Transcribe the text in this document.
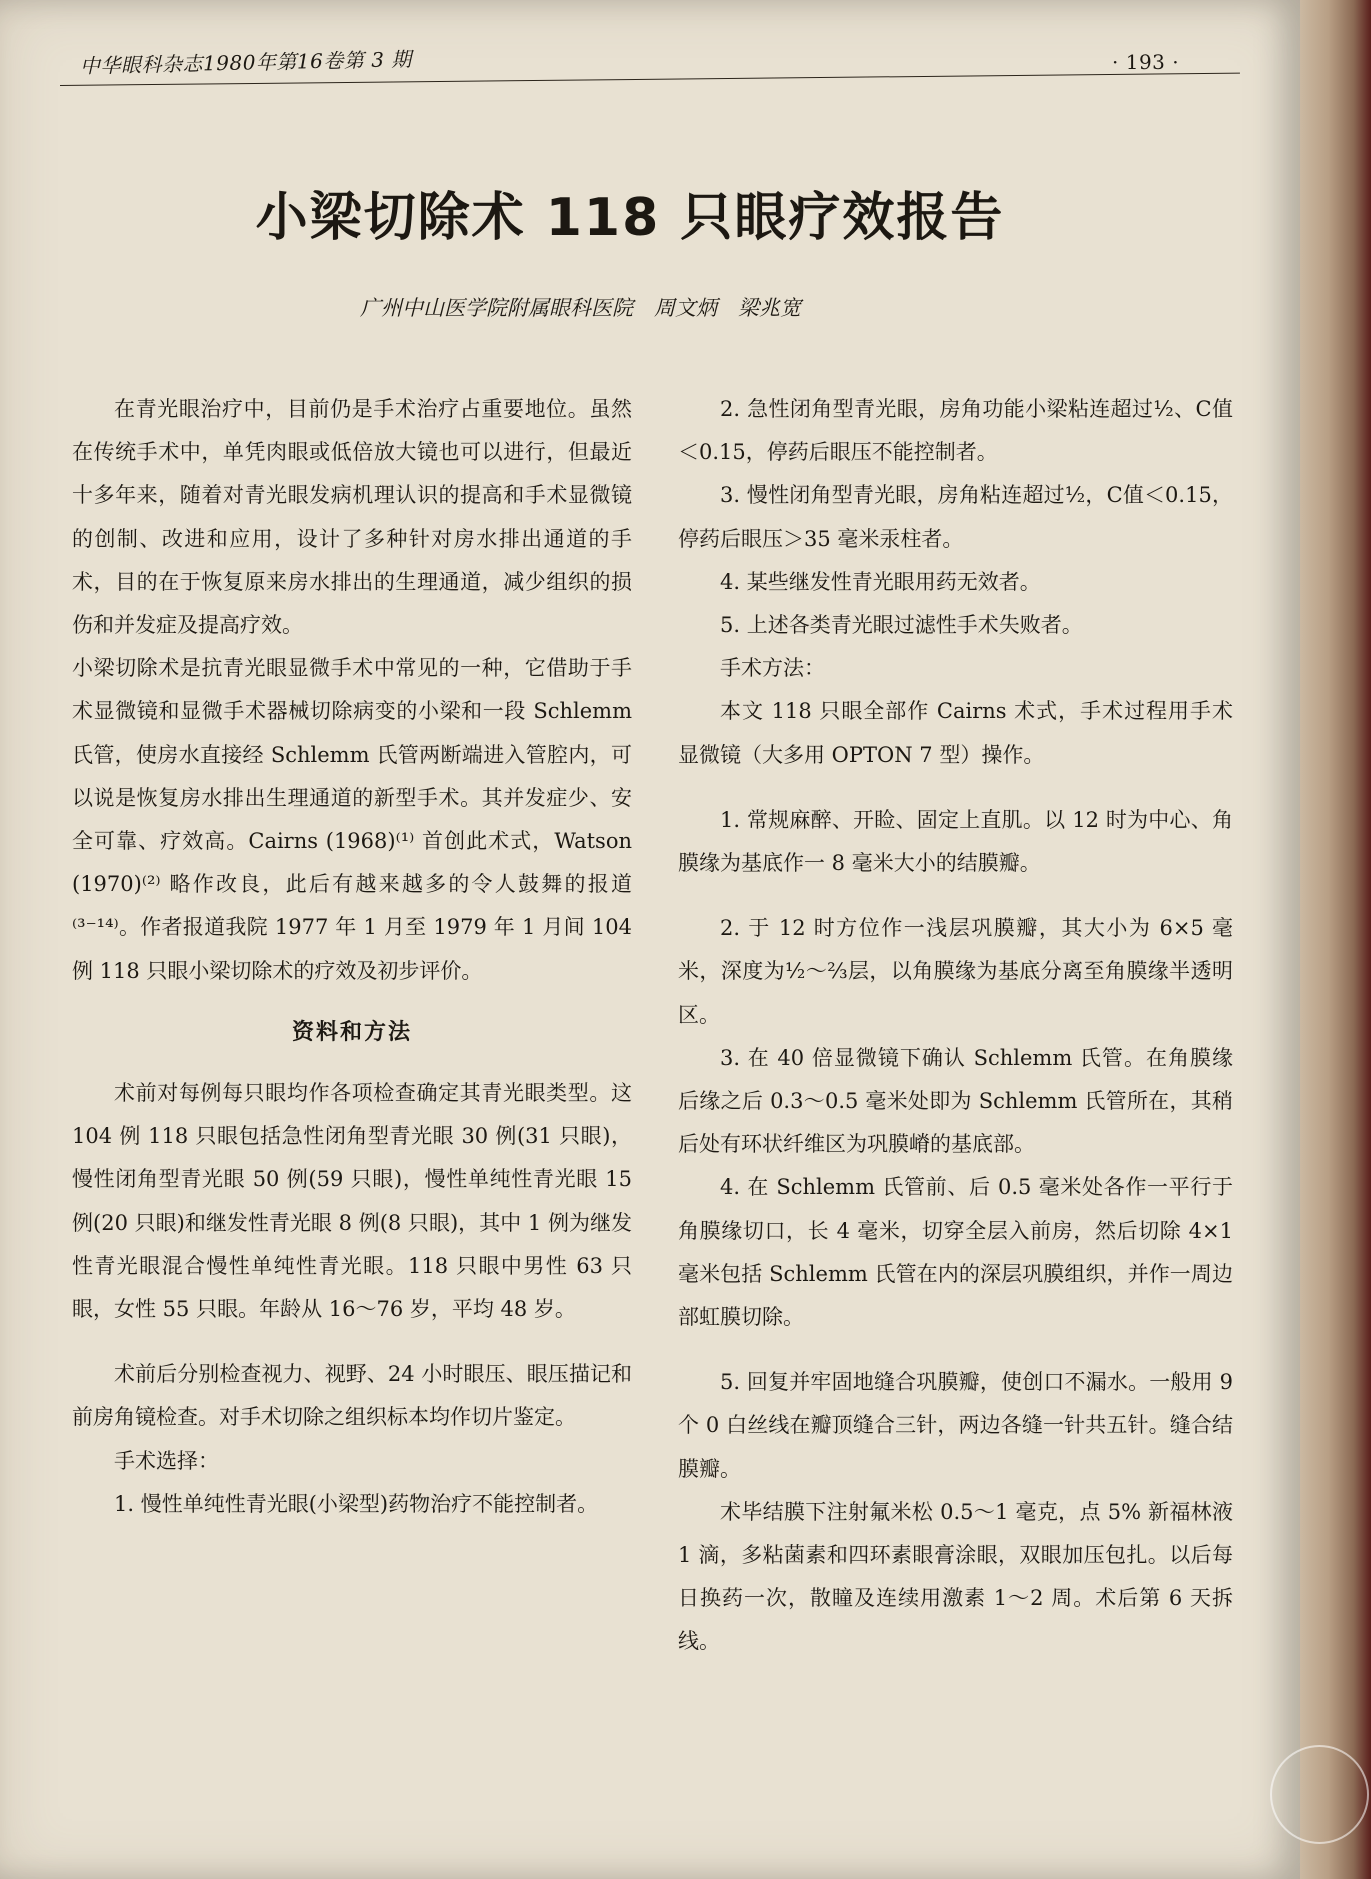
中华眼科杂志1980年第16卷第 3 期	· 193 ·
小梁切除术 118 只眼疗效报告
广州中山医学院附属眼科医院　周文炳　梁兆宽

在青光眼治疗中，目前仍是手术治疗占重要地位。虽然在传统手术中，单凭肉眼或低倍放大镜也可以进行，但最近十多年来，随着对青光眼发病机理认识的提高和手术显微镜的创制、改进和应用，设计了多种针对房水排出通道的手术，目的在于恢复原来房水排出的生理通道，减少组织的损伤和并发症及提高疗效。

小梁切除术是抗青光眼显微手术中常见的一种，它借助于手术显微镜和显微手术器械切除病变的小梁和一段 Schlemm 氏管，使房水直接经 Schlemm 氏管两断端进入管腔内，可以说是恢复房水排出生理通道的新型手术。其并发症少、安全可靠、疗效高。Cairns (1968)⁽¹⁾ 首创此术式，Watson (1970)⁽²⁾ 略作改良，此后有越来越多的令人鼓舞的报道⁽³⁻¹⁴⁾。作者报道我院 1977 年 1 月至 1979 年 1 月间 104 例 118 只眼小梁切除术的疗效及初步评价。

资料和方法

术前对每例每只眼均作各项检查确定其青光眼类型。这 104 例 118 只眼包括急性闭角型青光眼 30 例(31 只眼)，慢性闭角型青光眼 50 例(59 只眼)，慢性单纯性青光眼 15 例(20 只眼)和继发性青光眼 8 例(8 只眼)，其中 1 例为继发性青光眼混合慢性单纯性青光眼。118 只眼中男性 63 只眼，女性 55 只眼。年龄从 16～76 岁，平均 48 岁。

术前后分别检查视力、视野、24 小时眼压、眼压描记和前房角镜检查。对手术切除之组织标本均作切片鉴定。

手术选择：

1. 慢性单纯性青光眼(小梁型)药物治疗不能控制者。

2. 急性闭角型青光眼，房角功能小梁粘连超过½、C值＜0.15，停药后眼压不能控制者。

3. 慢性闭角型青光眼，房角粘连超过½，C值＜0.15，停药后眼压＞35 毫米汞柱者。

4. 某些继发性青光眼用药无效者。

5. 上述各类青光眼过滤性手术失败者。

手术方法：

本文 118 只眼全部作 Cairns 术式，手术过程用手术显微镜（大多用 OPTON 7 型）操作。

1. 常规麻醉、开睑、固定上直肌。以 12 时为中心、角膜缘为基底作一 8 毫米大小的结膜瓣。

2. 于 12 时方位作一浅层巩膜瓣，其大小为 6×5 毫米，深度为½～⅔层，以角膜缘为基底分离至角膜缘半透明区。

3. 在 40 倍显微镜下确认 Schlemm 氏管。在角膜缘后缘之后 0.3～0.5 毫米处即为 Schlemm 氏管所在，其稍后处有环状纤维区为巩膜嵴的基底部。

4. 在 Schlemm 氏管前、后 0.5 毫米处各作一平行于角膜缘切口，长 4 毫米，切穿全层入前房，然后切除 4×1 毫米包括 Schlemm 氏管在内的深层巩膜组织，并作一周边部虹膜切除。

5. 回复并牢固地缝合巩膜瓣，使创口不漏水。一般用 9 个 0 白丝线在瓣顶缝合三针，两边各缝一针共五针。缝合结膜瓣。

术毕结膜下注射氟米松 0.5～1 毫克，点 5% 新福林液 1 滴，多粘菌素和四环素眼膏涂眼，双眼加压包扎。以后每日换药一次，散瞳及连续用激素 1～2 周。术后第 6 天拆线。
